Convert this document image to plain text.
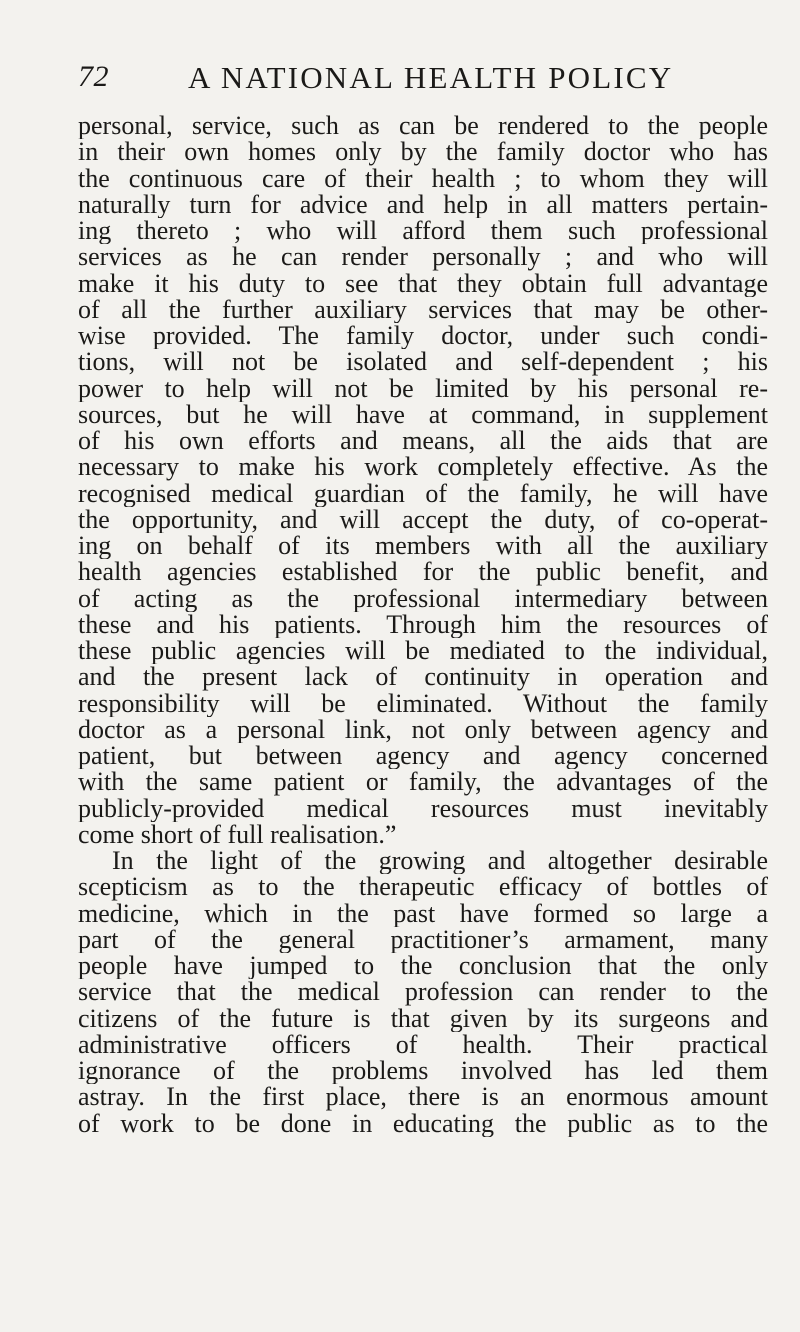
72	A NATIONAL HEALTH POLICY
personal, service, such as can be rendered to the people
in their own homes only by the family doctor who has
the continuous care of their health ; to whom they will
naturally turn for advice and help in all matters pertain-
ing thereto ; who will afford them such professional
services as he can render personally ; and who will
make it his duty to see that they obtain full advantage
of all the further auxiliary services that may be other-
wise provided. The family doctor, under such condi-
tions, will not be isolated and self-dependent ; his
power to help will not be limited by his personal re-
sources, but he will have at command, in supplement
of his own efforts and means, all the aids that are
necessary to make his work completely effective. As the
recognised medical guardian of the family, he will have
the opportunity, and will accept the duty, of co-operat-
ing on behalf of its members with all the auxiliary
health agencies established for the public benefit, and
of acting as the professional intermediary between
these and his patients. Through him the resources of
these public agencies will be mediated to the individual,
and the present lack of continuity in operation and
responsibility will be eliminated. Without the family
doctor as a personal link, not only between agency and
patient, but between agency and agency concerned
with the same patient or family, the advantages of the
publicly-provided medical resources must inevitably
come short of full realisation.”
In the light of the growing and altogether desirable
scepticism as to the therapeutic efficacy of bottles of
medicine, which in the past have formed so large a
part of the general practitioner’s armament, many
people have jumped to the conclusion that the only
service that the medical profession can render to the
citizens of the future is that given by its surgeons and
administrative officers of health. Their practical
ignorance of the problems involved has led them
astray. In the first place, there is an enormous amount
of work to be done in educating the public as to the
